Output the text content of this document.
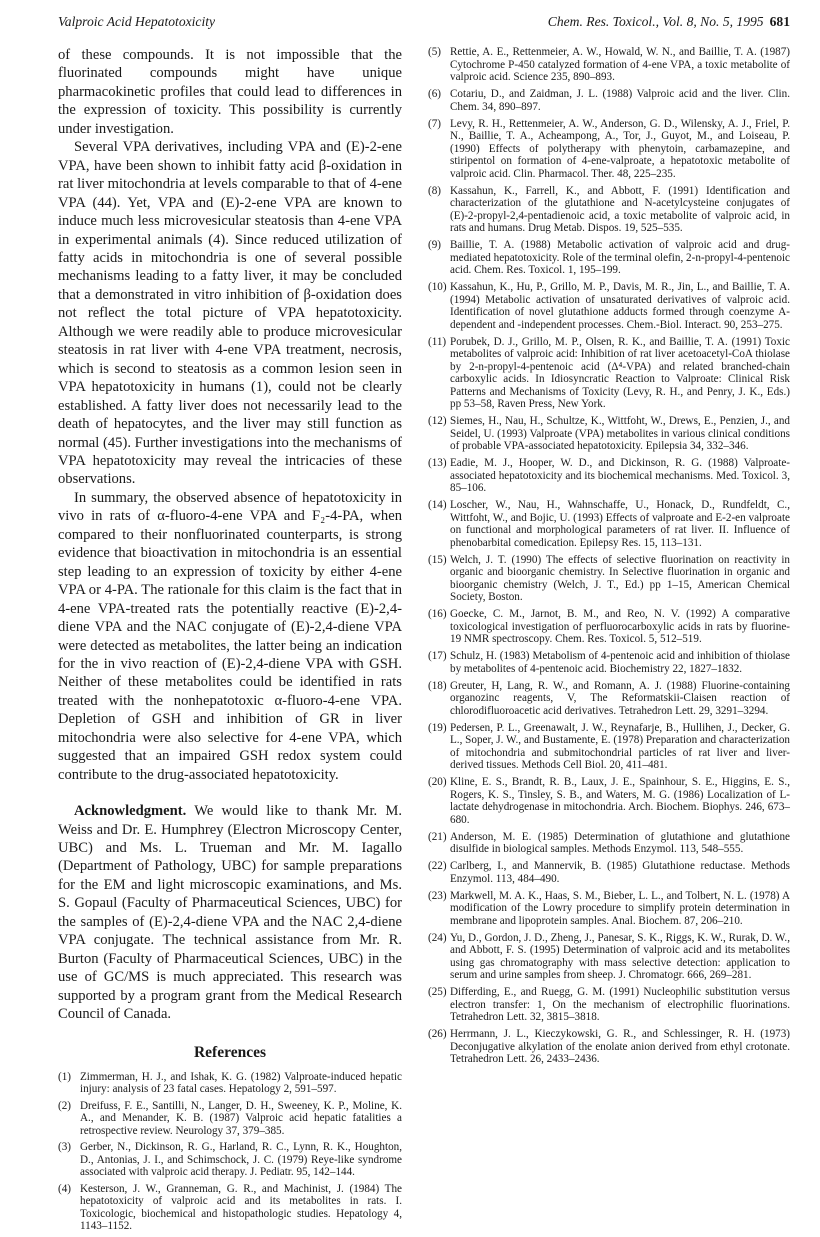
Valproic Acid Hepatotoxicity	Chem. Res. Toxicol., Vol. 8, No. 5, 1995 681

of these compounds. It is not impossible that the fluorinated compounds might have unique pharmacokinetic profiles that could lead to differences in the expression of toxicity. This possibility is currently under investigation.

Several VPA derivatives, including VPA and (E)-2-ene VPA, have been shown to inhibit fatty acid β-oxidation in rat liver mitochondria at levels comparable to that of 4-ene VPA (44). Yet, VPA and (E)-2-ene VPA are known to induce much less microvesicular steatosis than 4-ene VPA in experimental animals (4). Since reduced utilization of fatty acids in mitochondria is one of several possible mechanisms leading to a fatty liver, it may be concluded that a demonstrated in vitro inhibition of β-oxidation does not reflect the total picture of VPA hepatotoxicity. Although we were readily able to produce microvesicular steatosis in rat liver with 4-ene VPA treatment, necrosis, which is second to steatosis as a common lesion seen in VPA hepatotoxicity in humans (1), could not be clearly established. A fatty liver does not necessarily lead to the death of hepatocytes, and the liver may still function as normal (45). Further investigations into the mechanisms of VPA hepatotoxicity may reveal the intricacies of these observations.

In summary, the observed absence of hepatotoxicity in vivo in rats of α-fluoro-4-ene VPA and F₂-4-PA, when compared to their nonfluorinated counterparts, is strong evidence that bioactivation in mitochondria is an essential step leading to an expression of toxicity by either 4-ene VPA or 4-PA. The rationale for this claim is the fact that in 4-ene VPA-treated rats the potentially reactive (E)-2,4-diene VPA and the NAC conjugate of (E)-2,4-diene VPA were detected as metabolites, the latter being an indication for the in vivo reaction of (E)-2,4-diene VPA with GSH. Neither of these metabolites could be identified in rats treated with the nonhepatotoxic α-fluoro-4-ene VPA. Depletion of GSH and inhibition of GR in liver mitochondria were also selective for 4-ene VPA, which suggested that an impaired GSH redox system could contribute to the drug-associated hepatotoxicity.

Acknowledgment. We would like to thank Mr. M. Weiss and Dr. E. Humphrey (Electron Microscopy Center, UBC) and Ms. L. Trueman and Mr. M. Iagallo (Department of Pathology, UBC) for sample preparations for the EM and light microscopic examinations, and Ms. S. Gopaul (Faculty of Pharmaceutical Sciences, UBC) for the samples of (E)-2,4-diene VPA and the NAC 2,4-diene VPA conjugate. The technical assistance from Mr. R. Burton (Faculty of Pharmaceutical Sciences, UBC) in the use of GC/MS is much appreciated. This research was supported by a program grant from the Medical Research Council of Canada.

References
(1) Zimmerman, H. J., and Ishak, K. G. (1982) Valproate-induced hepatic injury: analysis of 23 fatal cases. Hepatology 2, 591–597.
(2) Dreifuss, F. E., Santilli, N., Langer, D. H., Sweeney, K. P., Moline, K. A., and Menander, K. B. (1987) Valproic acid hepatic fatalities a retrospective review. Neurology 37, 379–385.
(3) Gerber, N., Dickinson, R. G., Harland, R. C., Lynn, R. K., Houghton, D., Antonias, J. I., and Schimschock, J. C. (1979) Reye-like syndrome associated with valproic acid therapy. J. Pediatr. 95, 142–144.
(4) Kesterson, J. W., Granneman, G. R., and Machinist, J. (1984) The hepatotoxicity of valproic acid and its metabolites in rats. I. Toxicologic, biochemical and histopathologic studies. Hepatology 4, 1143–1152.
(5) Rettie, A. E., Rettenmeier, A. W., Howald, W. N., and Baillie, T. A. (1987) Cytochrome P-450 catalyzed formation of 4-ene VPA, a toxic metabolite of valproic acid. Science 235, 890–893.
(6) Cotariu, D., and Zaidman, J. L. (1988) Valproic acid and the liver. Clin. Chem. 34, 890–897.
(7) Levy, R. H., Rettenmeier, A. W., Anderson, G. D., Wilensky, A. J., Friel, P. N., Baillie, T. A., Acheampong, A., Tor, J., Guyot, M., and Loiseau, P. (1990) Effects of polytherapy with phenytoin, carbamazepine, and stiripentol on formation of 4-ene-valproate, a hepatotoxic metabolite of valproic acid. Clin. Pharmacol. Ther. 48, 225–235.
(8) Kassahun, K., Farrell, K., and Abbott, F. (1991) Identification and characterization of the glutathione and N-acetylcysteine conjugates of (E)-2-propyl-2,4-pentadienoic acid, a toxic metabolite of valproic acid, in rats and humans. Drug Metab. Dispos. 19, 525–535.
(9) Baillie, T. A. (1988) Metabolic activation of valproic acid and drug-mediated hepatotoxicity. Role of the terminal olefin, 2-n-propyl-4-pentenoic acid. Chem. Res. Toxicol. 1, 195–199.
(10) Kassahun, K., Hu, P., Grillo, M. P., Davis, M. R., Jin, L., and Baillie, T. A. (1994) Metabolic activation of unsaturated derivatives of valproic acid. Identification of novel glutathione adducts formed through coenzyme A-dependent and -independent processes. Chem.-Biol. Interact. 90, 253–275.
(11) Porubek, D. J., Grillo, M. P., Olsen, R. K., and Baillie, T. A. (1991) Toxic metabolites of valproic acid: Inhibition of rat liver acetoacetyl-CoA thiolase by 2-n-propyl-4-pentenoic acid (Δ⁴-VPA) and related branched-chain carboxylic acids. In Idiosyncratic Reaction to Valproate: Clinical Risk Patterns and Mechanisms of Toxicity (Levy, R. H., and Penry, J. K., Eds.) pp 53–58, Raven Press, New York.
(12) Siemes, H., Nau, H., Schultze, K., Wittfoht, W., Drews, E., Penzien, J., and Seidel, U. (1993) Valproate (VPA) metabolites in various clinical conditions of probable VPA-associated hepatotoxicity. Epilepsia 34, 332–346.
(13) Eadie, M. J., Hooper, W. D., and Dickinson, R. G. (1988) Valproate-associated hepatotoxicity and its biochemical mechanisms. Med. Toxicol. 3, 85–106.
(14) Loscher, W., Nau, H., Wahnschaffe, U., Honack, D., Rundfeldt, C., Wittfoht, W., and Bojic, U. (1993) Effects of valproate and E-2-en valproate on functional and morphological parameters of rat liver. II. Influence of phenobarbital comedication. Epilepsy Res. 15, 113–131.
(15) Welch, J. T. (1990) The effects of selective fluorination on reactivity in organic and bioorganic chemistry. In Selective fluorination in organic and bioorganic chemistry (Welch, J. T., Ed.) pp 1–15, American Chemical Society, Boston.
(16) Goecke, C. M., Jarnot, B. M., and Reo, N. V. (1992) A comparative toxicological investigation of perfluorocarboxylic acids in rats by fluorine-19 NMR spectroscopy. Chem. Res. Toxicol. 5, 512–519.
(17) Schulz, H. (1983) Metabolism of 4-pentenoic acid and inhibition of thiolase by metabolites of 4-pentenoic acid. Biochemistry 22, 1827–1832.
(18) Greuter, H, Lang, R. W., and Romann, A. J. (1988) Fluorine-containing organozinc reagents, V, The Reformatskii-Claisen reaction of chlorodifluoroacetic acid derivatives. Tetrahedron Lett. 29, 3291–3294.
(19) Pedersen, P. L., Greenawalt, J. W., Reynafarje, B., Hullihen, J., Decker, G. L., Soper, J. W., and Bustamente, E. (1978) Preparation and characterization of mitochondria and submitochondrial particles of rat liver and liver-derived tissues. Methods Cell Biol. 20, 411–481.
(20) Kline, E. S., Brandt, R. B., Laux, J. E., Spainhour, S. E., Higgins, E. S., Rogers, K. S., Tinsley, S. B., and Waters, M. G. (1986) Localization of L-lactate dehydrogenase in mitochondria. Arch. Biochem. Biophys. 246, 673–680.
(21) Anderson, M. E. (1985) Determination of glutathione and glutathione disulfide in biological samples. Methods Enzymol. 113, 548–555.
(22) Carlberg, I., and Mannervik, B. (1985) Glutathione reductase. Methods Enzymol. 113, 484–490.
(23) Markwell, M. A. K., Haas, S. M., Bieber, L. L., and Tolbert, N. L. (1978) A modification of the Lowry procedure to simplify protein determination in membrane and lipoprotein samples. Anal. Biochem. 87, 206–210.
(24) Yu, D., Gordon, J. D., Zheng, J., Panesar, S. K., Riggs, K. W., Rurak, D. W., and Abbott, F. S. (1995) Determination of valproic acid and its metabolites using gas chromatography with mass selective detection: application to serum and urine samples from sheep. J. Chromatogr. 666, 269–281.
(25) Differding, E., and Ruegg, G. M. (1991) Nucleophilic substitution versus electron transfer: 1, On the mechanism of electrophilic fluorinations. Tetrahedron Lett. 32, 3815–3818.
(26) Herrmann, J. L., Kieczykowski, G. R., and Schlessinger, R. H. (1973) Deconjugative alkylation of the enolate anion derived from ethyl crotonate. Tetrahedron Lett. 26, 2433–2436.
